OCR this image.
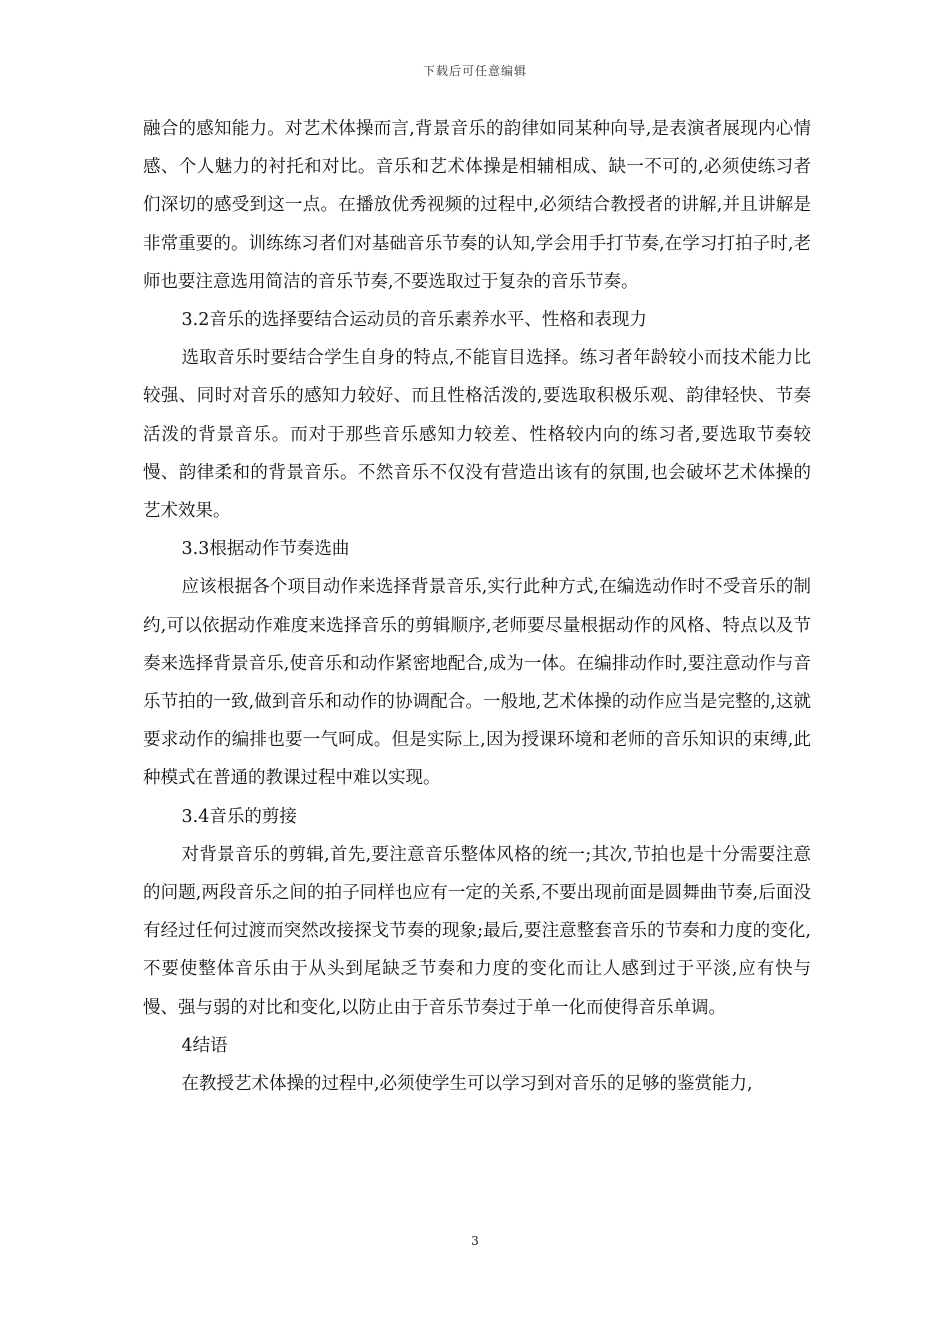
下载后可任意编辑

融合的感知能力。对艺术体操而言,背景音乐的韵律如同某种向导,是表演者展现内心情感、个人魅力的衬托和对比。音乐和艺术体操是相辅相成、缺一不可的,必须使练习者们深切的感受到这一点。在播放优秀视频的过程中,必须结合教授者的讲解,并且讲解是非常重要的。训练练习者们对基础音乐节奏的认知,学会用手打节奏,在学习打拍子时,老师也要注意选用简洁的音乐节奏,不要选取过于复杂的音乐节奏。

3.2音乐的选择要结合运动员的音乐素养水平、性格和表现力

选取音乐时要结合学生自身的特点,不能盲目选择。练习者年龄较小而技术能力比较强、同时对音乐的感知力较好、而且性格活泼的,要选取积极乐观、韵律轻快、节奏活泼的背景音乐。而对于那些音乐感知力较差、性格较内向的练习者,要选取节奏较慢、韵律柔和的背景音乐。不然音乐不仅没有营造出该有的氛围,也会破坏艺术体操的艺术效果。

3.3根据动作节奏选曲

应该根据各个项目动作来选择背景音乐,实行此种方式,在编选动作时不受音乐的制约,可以依据动作难度来选择音乐的剪辑顺序,老师要尽量根据动作的风格、特点以及节奏来选择背景音乐,使音乐和动作紧密地配合,成为一体。在编排动作时,要注意动作与音乐节拍的一致,做到音乐和动作的协调配合。一般地,艺术体操的动作应当是完整的,这就要求动作的编排也要一气呵成。但是实际上,因为授课环境和老师的音乐知识的束缚,此种模式在普通的教课过程中难以实现。

3.4音乐的剪接

对背景音乐的剪辑,首先,要注意音乐整体风格的统一;其次,节拍也是十分需要注意的问题,两段音乐之间的拍子同样也应有一定的关系,不要出现前面是圆舞曲节奏,后面没有经过任何过渡而突然改接探戈节奏的现象;最后,要注意整套音乐的节奏和力度的变化,不要使整体音乐由于从头到尾缺乏节奏和力度的变化而让人感到过于平淡,应有快与慢、强与弱的对比和变化,以防止由于音乐节奏过于单一化而使得音乐单调。

4结语

在教授艺术体操的过程中,必须使学生可以学习到对音乐的足够的鉴赏能力,

3
